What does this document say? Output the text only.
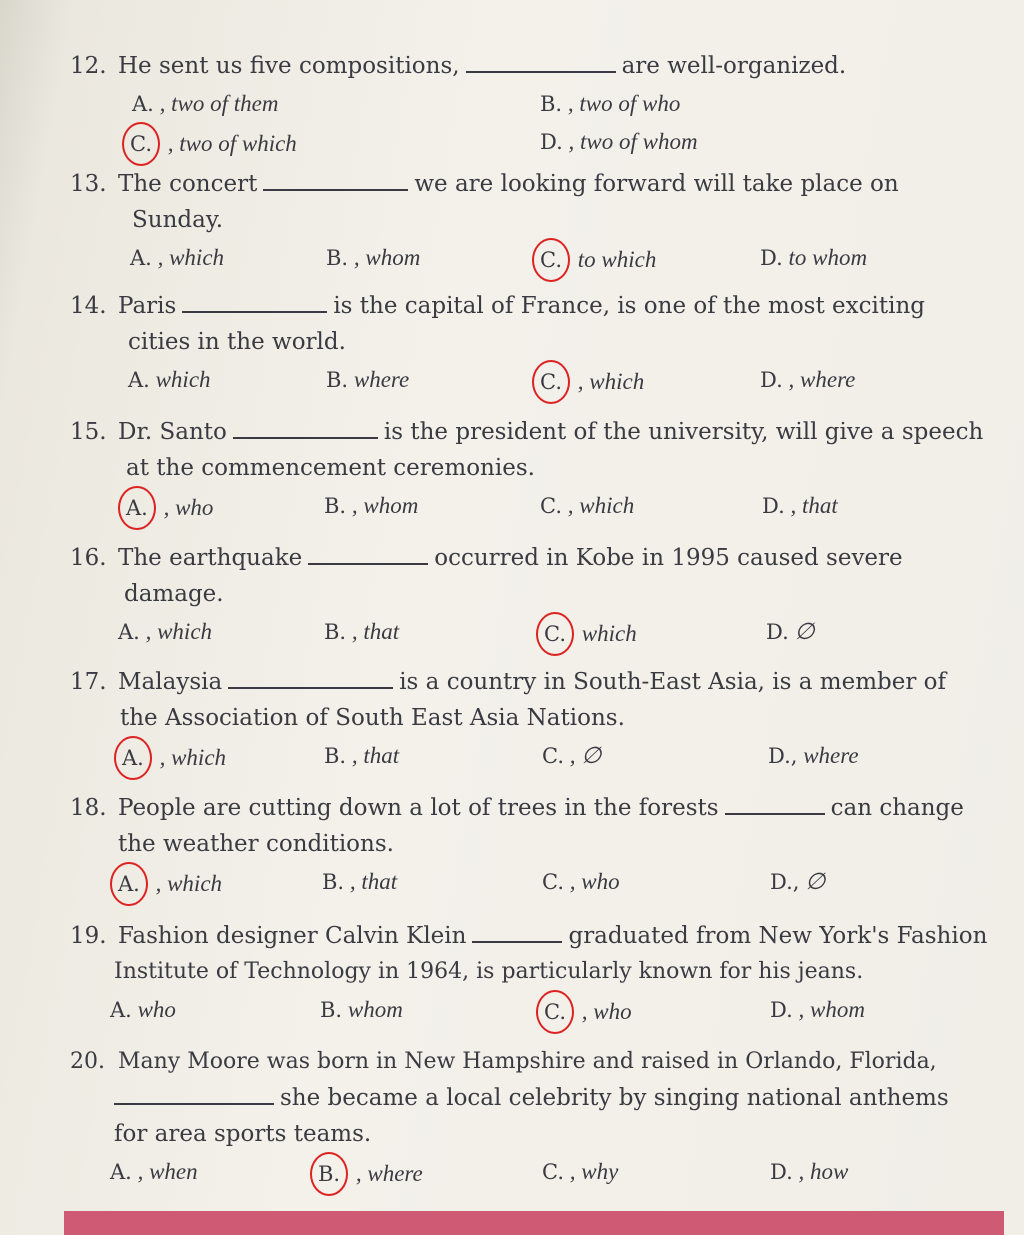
12. He sent us five compositions,	are well-organized.
A. , two of them	B. , two of who
C. , two of which	D. , two of whom
13. The concert	we are looking forward will take place on
Sunday.
A. , which	B. , whom	C. to which	D. to whom
14. Paris	is the capital of France, is one of the most exciting
cities in the world.
A. which	B. where	C. , which	D. , where
15. Dr. Santo	is the president of the university, will give a speech
at the commencement ceremonies.
A. , who	B. , whom	C. , which	D. , that
16. The earthquake	occurred in Kobe in 1995 caused severe
damage.
A. , which	B. , that	C. which	D. ∅
17. Malaysia	is a country in South-East Asia, is a member of
the Association of South East Asia Nations.
A. , which	B. , that	C. , ∅	D., where
18. People are cutting down a lot of trees in the forests	can change
the weather conditions.
A. , which	B. , that	C. , who	D., ∅
19. Fashion designer Calvin Klein	graduated from New York's Fashion
Institute of Technology in 1964, is particularly known for his jeans.
A. who	B. whom	C. , who	D. , whom
20. Many Moore was born in New Hampshire and raised in Orlando, Florida,
she became a local celebrity by singing national anthems
for area sports teams.
A. , when	B. , where	C. , why	D. , how
